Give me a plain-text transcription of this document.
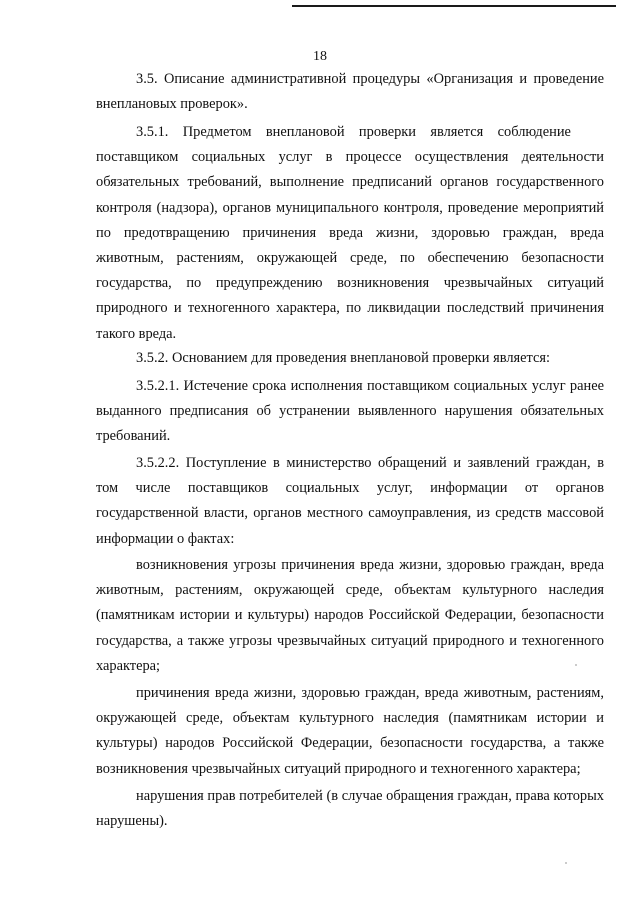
18

3.5. Описание административной процедуры «Организация и проведение внеплановых проверок».

3.5.1. Предметом внеплановой проверки является соблюдение поставщиком социальных услуг в процессе осуществления деятельности обязательных требований, выполнение предписаний органов государственного контроля (надзора), органов муниципального контроля, проведение мероприятий по предотвращению причинения вреда жизни, здоровью граждан, вреда животным, растениям, окружающей среде, по обеспечению безопасности государства, по предупреждению возникновения чрезвычайных ситуаций природного и техногенного характера, по ликвидации последствий причинения такого вреда.

3.5.2. Основанием для проведения внеплановой проверки является:

3.5.2.1. Истечение срока исполнения поставщиком социальных услуг ранее выданного предписания об устранении выявленного нарушения обязательных требований.

3.5.2.2. Поступление в министерство обращений и заявлений граждан, в том числе поставщиков социальных услуг, информации от органов государственной власти, органов местного самоуправления, из средств массовой информации о фактах:

возникновения угрозы причинения вреда жизни, здоровью граждан, вреда животным, растениям, окружающей среде, объектам культурного наследия (памятникам истории и культуры) народов Российской Федерации, безопасности государства, а также угрозы чрезвычайных ситуаций природного и техногенного характера;

причинения вреда жизни, здоровью граждан, вреда животным, растениям, окружающей среде, объектам культурного наследия (памятникам истории и культуры) народов Российской Федерации, безопасности государства, а также возникновения чрезвычайных ситуаций природного и техногенного характера;

нарушения прав потребителей (в случае обращения граждан, права которых нарушены).
